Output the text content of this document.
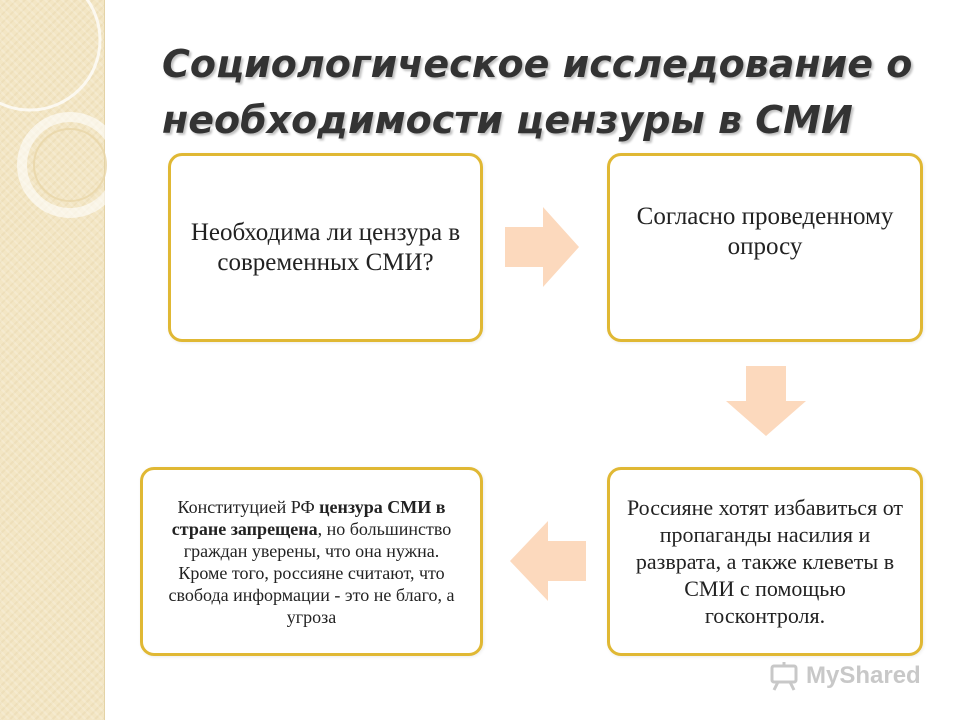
Социологическое исследование о необходимости цензуры в СМИ
Необходима ли цензура в современных СМИ?
Согласно проведенному опросу
Россияне хотят избавиться от пропаганды насилия и разврата, а также клеветы в СМИ с помощью госконтроля.
Конституцией РФ цензура СМИ в стране запрещена, но большинство граждан уверены, что она нужна. Кроме того, россияне считают, что свобода информации - это не благо, а угроза
MyShared
